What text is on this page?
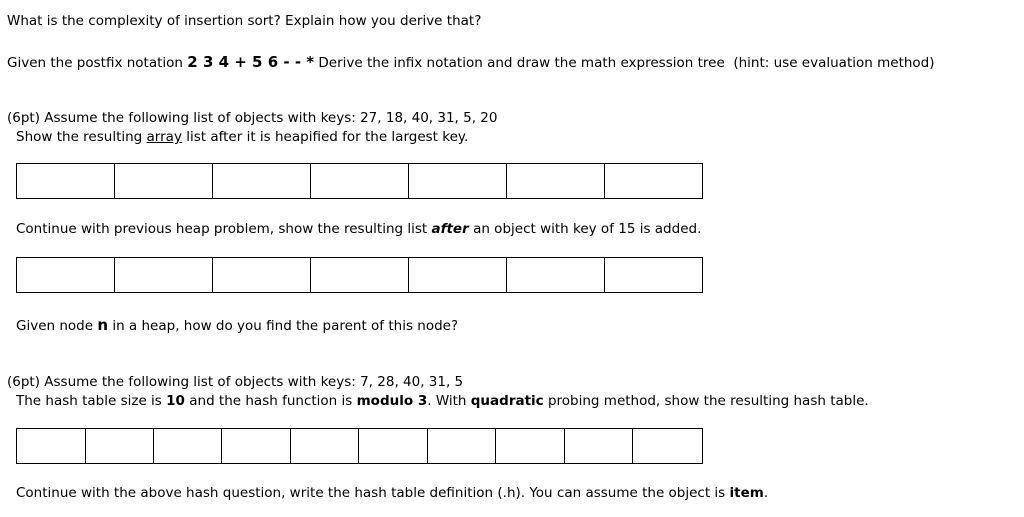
What is the complexity of insertion sort? Explain how you derive that?
Given the postfix notation 2 3 4 + 5 6 - - * Derive the infix notation and draw the math expression tree (hint: use evaluation method)
(6pt) Assume the following list of objects with keys: 27, 18, 40, 31, 5, 20
Show the resulting array list after it is heapified for the largest key.
Continue with previous heap problem, show the resulting list after an object with key of 15 is added.
Given node n in a heap, how do you find the parent of this node?
(6pt) Assume the following list of objects with keys: 7, 28, 40, 31, 5
The hash table size is 10 and the hash function is modulo 3. With quadratic probing method, show the resulting hash table.
Continue with the above hash question, write the hash table definition (.h). You can assume the object is item.
